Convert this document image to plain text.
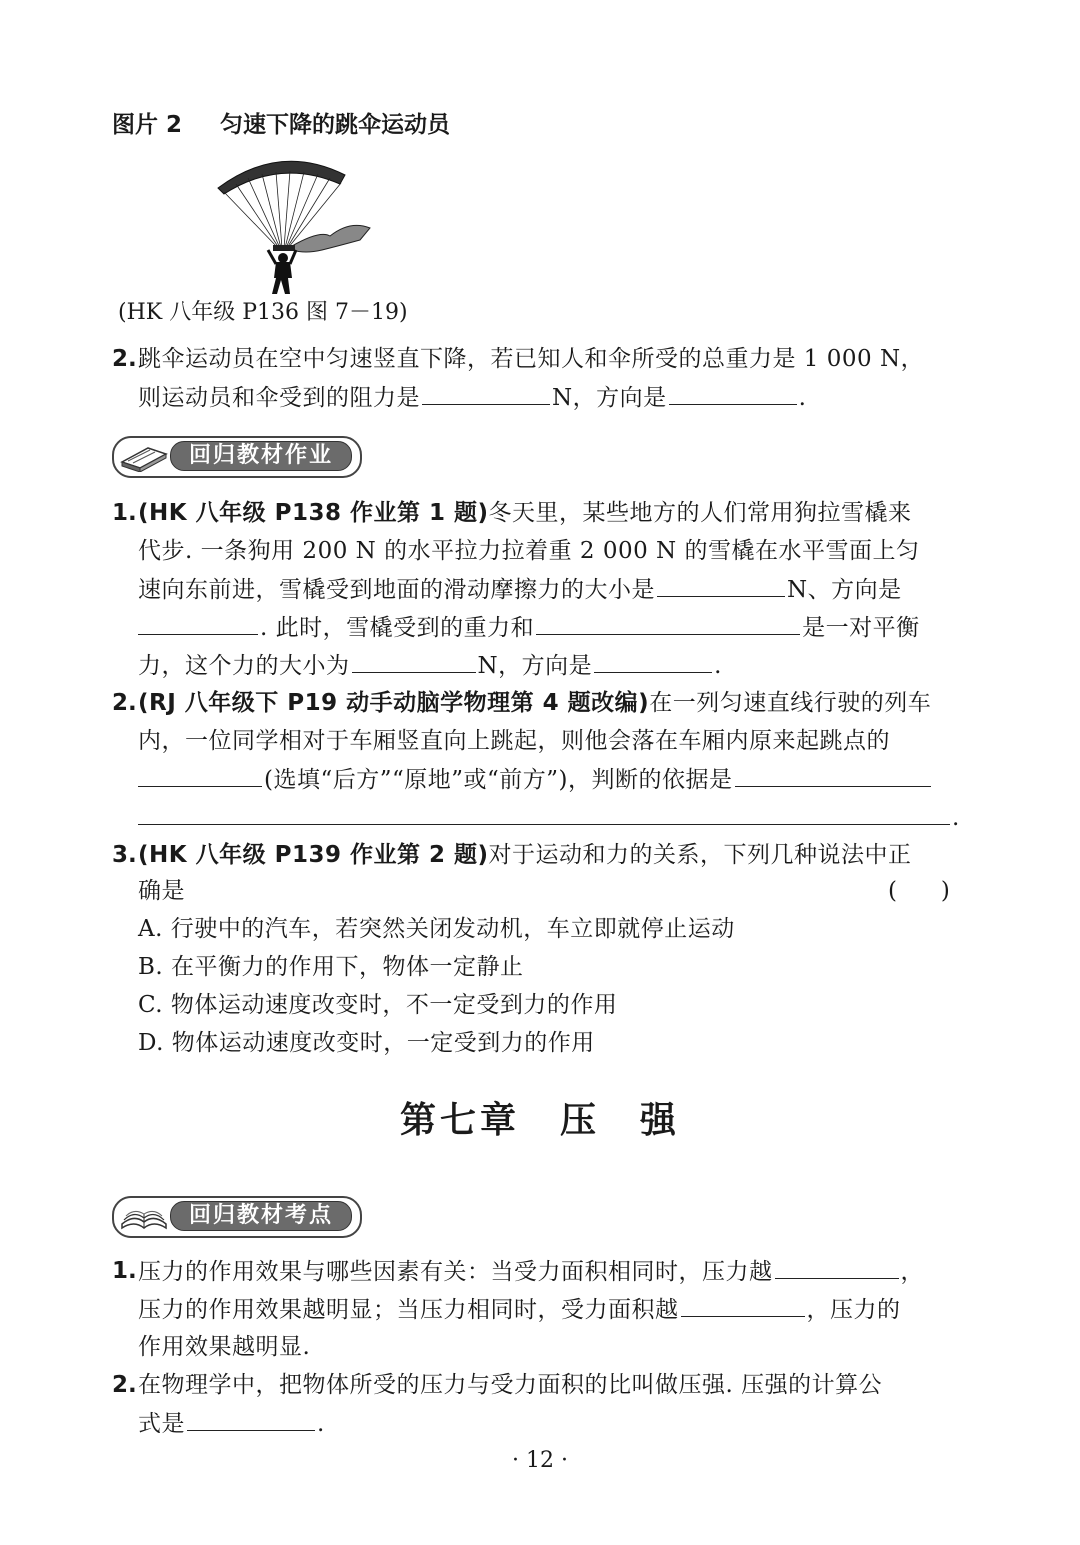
图片 2 匀速下降的跳伞运动员
(HK 八年级 P136 图 7－19)
2. 跳伞运动员在空中匀速竖直下降，若已知人和伞所受的总重力是 1 000 N，
则运动员和伞受到的阻力是	N，方向是	.
回归教材作业
1. (HK 八年级 P138 作业第 1 题)冬天里，某些地方的人们常用狗拉雪橇来
代步. 一条狗用 200 N 的水平拉力拉着重 2 000 N 的雪橇在水平雪面上匀
速向东前进，雪橇受到地面的滑动摩擦力的大小是	N、方向是
. 此时，雪橇受到的重力和	是一对平衡
力，这个力的大小为	N，方向是	.
2. (RJ 八年级下 P19 动手动脑学物理第 4 题改编)在一列匀速直线行驶的列车
内，一位同学相对于车厢竖直向上跳起，则他会落在车厢内原来起跳点的
(选填“后方”“原地”或“前方”)，判断的依据是
.
3. (HK 八年级 P139 作业第 2 题)对于运动和力的关系，下列几种说法中正
确是	(      )
A. 行驶中的汽车，若突然关闭发动机，车立即就停止运动
B. 在平衡力的作用下，物体一定静止
C. 物体运动速度改变时，不一定受到力的作用
D. 物体运动速度改变时，一定受到力的作用
第七章　压　强
回归教材考点
1. 压力的作用效果与哪些因素有关：当受力面积相同时，压力越	，
压力的作用效果越明显；当压力相同时，受力面积越	，压力的
作用效果越明显.
2. 在物理学中，把物体所受的压力与受力面积的比叫做压强. 压强的计算公
式是	.
· 12 ·
